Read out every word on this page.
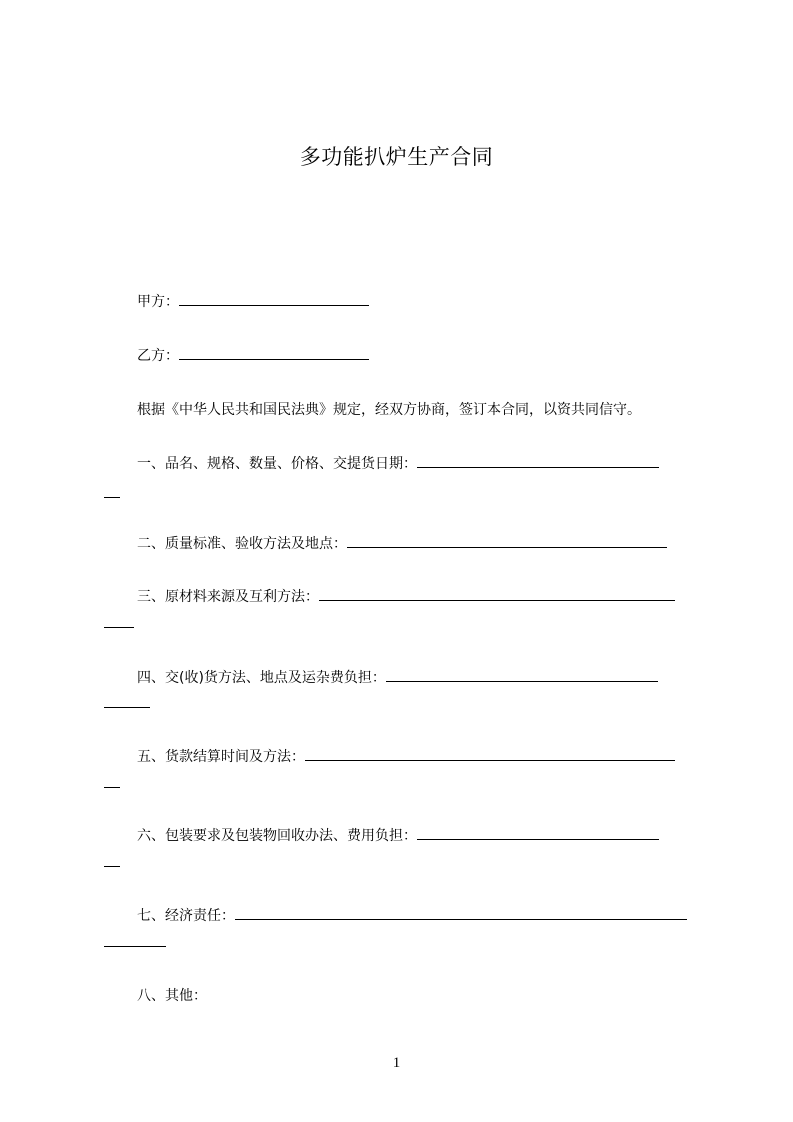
多功能扒炉生产合同
甲方：
乙方：
根据《中华人民共和国民法典》规定，经双方协商，签订本合同，以资共同信守。
一、品名、规格、数量、价格、交提货日期：
二、质量标准、验收方法及地点：
三、原材料来源及互利方法：
四、交(收)货方法、地点及运杂费负担：
五、货款结算时间及方法：
六、包装要求及包装物回收办法、费用负担：
七、经济责任：
八、其他：
1
